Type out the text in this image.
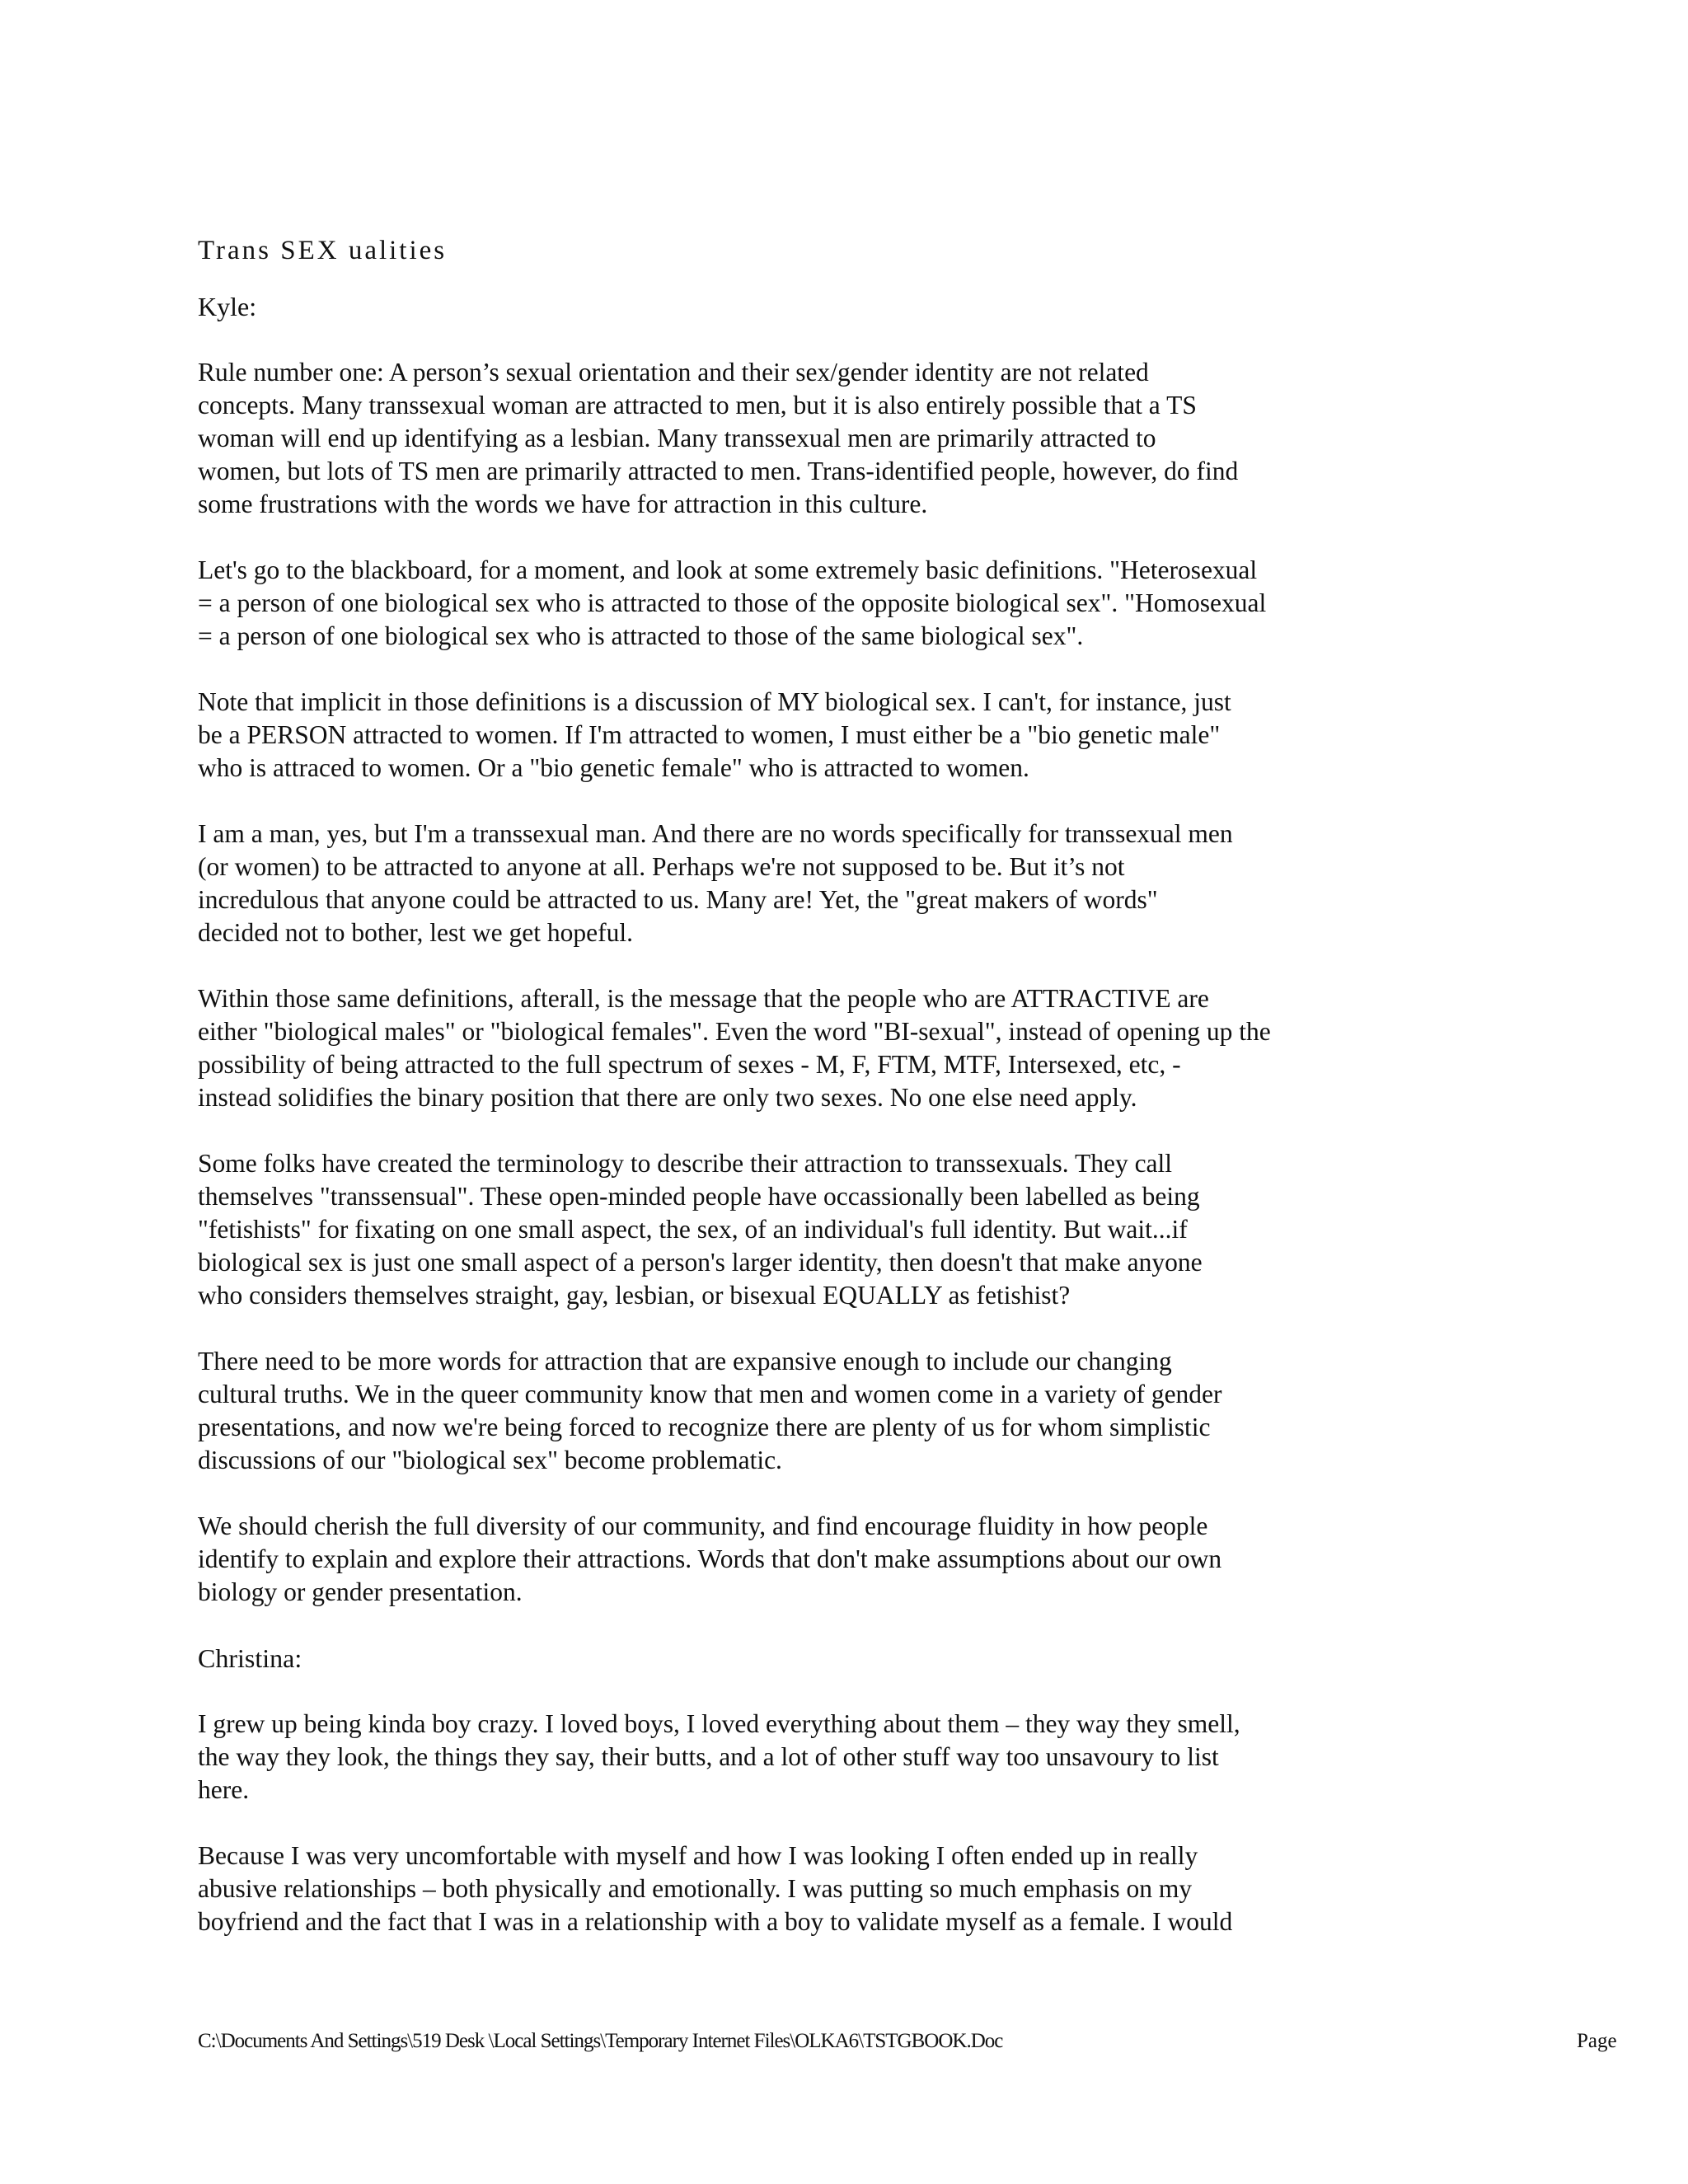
Trans SEX ualities
Kyle:
Rule number one: A person’s sexual orientation and their sex/gender identity are not related
concepts. Many transsexual woman are attracted to men, but it is also entirely possible that a TS
woman will end up identifying as a lesbian. Many transsexual men are primarily attracted to
women, but lots of TS men are primarily attracted to men. Trans-identified people, however, do find
some frustrations with the words we have for attraction in this culture.
Let's go to the blackboard, for a moment, and look at some extremely basic definitions. "Heterosexual
= a person of one biological sex who is attracted to those of the opposite biological sex". "Homosexual
= a person of one biological sex who is attracted to those of the same biological sex".
Note that implicit in those definitions is a discussion of MY biological sex. I can't, for instance, just
be a PERSON attracted to women. If I'm attracted to women, I must either be a "bio genetic male"
who is attraced to women. Or a "bio genetic female" who is attracted to women.
I am a man, yes, but I'm a transsexual man. And there are no words specifically for transsexual men
(or women) to be attracted to anyone at all. Perhaps we're not supposed to be. But it’s not
incredulous that anyone could be attracted to us. Many are! Yet, the "great makers of words"
decided not to bother, lest we get hopeful.
Within those same definitions, afterall, is the message that the people who are ATTRACTIVE are
either "biological males" or "biological females". Even the word "BI-sexual", instead of opening up the
possibility of being attracted to the full spectrum of sexes - M, F, FTM, MTF, Intersexed, etc, -
instead solidifies the binary position that there are only two sexes. No one else need apply.
Some folks have created the terminology to describe their attraction to transsexuals. They call
themselves "transsensual". These open-minded people have occassionally been labelled as being
"fetishists" for fixating on one small aspect, the sex, of an individual's full identity. But wait...if
biological sex is just one small aspect of a person's larger identity, then doesn't that make anyone
who considers themselves straight, gay, lesbian, or bisexual EQUALLY as fetishist?
There need to be more words for attraction that are expansive enough to include our changing
cultural truths. We in the queer community know that men and women come in a variety of gender
presentations, and now we're being forced to recognize there are plenty of us for whom simplistic
discussions of our "biological sex" become problematic.
We should cherish the full diversity of our community, and find encourage fluidity in how people
identify to explain and explore their attractions. Words that don't make assumptions about our own
biology or gender presentation.
Christina:
I grew up being kinda boy crazy. I loved boys, I loved everything about them – they way they smell,
the way they look, the things they say, their butts, and a lot of other stuff way too unsavoury to list
here.
Because I was very uncomfortable with myself and how I was looking I often ended up in really
abusive relationships – both physically and emotionally. I was putting so much emphasis on my
boyfriend and the fact that I was in a relationship with a boy to validate myself as a female. I would
C:\Documents And Settings\519 Desk \Local Settings\Temporary Internet Files\OLKA6\TSTGBOOK.Doc	Page
